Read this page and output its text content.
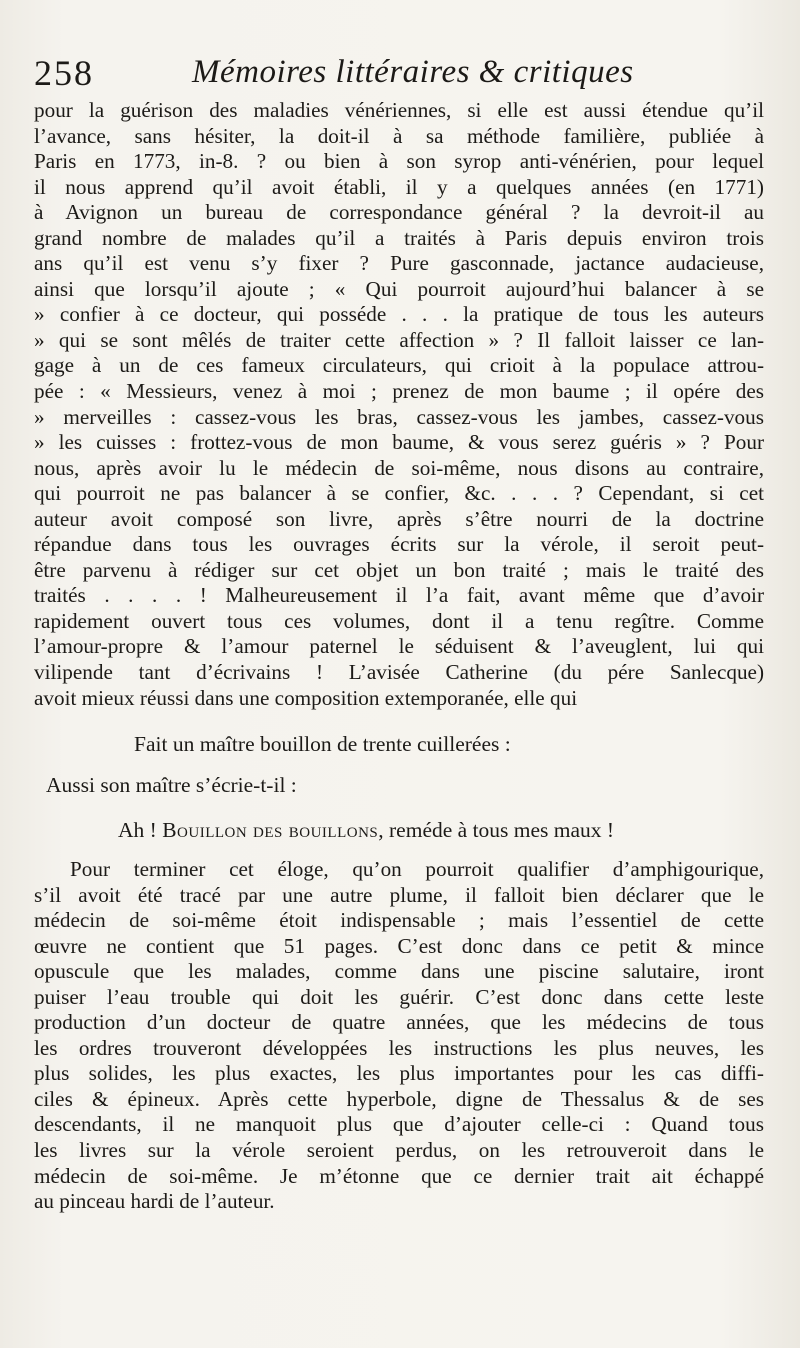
258	Mémoires littéraires & critiques
pour la guérison des maladies vénériennes, si elle est aussi étendue qu’il
l’avance, sans hésiter, la doit-il à sa méthode familière, publiée à
Paris en 1773, in-8. ? ou bien à son syrop anti-vénérien, pour lequel
il nous apprend qu’il avoit établi, il y a quelques années (en 1771)
à Avignon un bureau de correspondance général ? la devroit-il au
grand nombre de malades qu’il a traités à Paris depuis environ trois
ans qu’il est venu s’y fixer ? Pure gasconnade, jactance audacieuse,
ainsi que lorsqu’il ajoute ; « Qui pourroit aujourd’hui balancer à se
» confier à ce docteur, qui posséde . . . la pratique de tous les auteurs
» qui se sont mêlés de traiter cette affection » ? Il falloit laisser ce lan-
gage à un de ces fameux circulateurs, qui crioit à la populace attrou-
pée : « Messieurs, venez à moi ; prenez de mon baume ; il opére des
» merveilles : cassez-vous les bras, cassez-vous les jambes, cassez-vous
» les cuisses : frottez-vous de mon baume, & vous serez guéris » ? Pour
nous, après avoir lu le médecin de soi-même, nous disons au contraire,
qui pourroit ne pas balancer à se confier, &c. . . . ? Cependant, si cet
auteur avoit composé son livre, après s’être nourri de la doctrine
répandue dans tous les ouvrages écrits sur la vérole, il seroit peut-
être parvenu à rédiger sur cet objet un bon traité ; mais le traité des
traités . . . . ! Malheureusement il l’a fait, avant même que d’avoir
rapidement ouvert tous ces volumes, dont il a tenu regître. Comme
l’amour-propre & l’amour paternel le séduisent & l’aveuglent, lui qui
vilipende tant d’écrivains ! L’avisée Catherine (du pére Sanlecque)
avoit mieux réussi dans une composition extemporanée, elle qui
Fait un maître bouillon de trente cuillerées :
Aussi son maître s’écrie-t-il :
Ah ! Bouillon des bouillons, reméde à tous mes maux !
Pour terminer cet éloge, qu’on pourroit qualifier d’amphigourique,
s’il avoit été tracé par une autre plume, il falloit bien déclarer que le
médecin de soi-même étoit indispensable ; mais l’essentiel de cette
œuvre ne contient que 51 pages. C’est donc dans ce petit & mince
opuscule que les malades, comme dans une piscine salutaire, iront
puiser l’eau trouble qui doit les guérir. C’est donc dans cette leste
production d’un docteur de quatre années, que les médecins de tous
les ordres trouveront développées les instructions les plus neuves, les
plus solides, les plus exactes, les plus importantes pour les cas diffi-
ciles & épineux. Après cette hyperbole, digne de Thessalus & de ses
descendants, il ne manquoit plus que d’ajouter celle-ci : Quand tous
les livres sur la vérole seroient perdus, on les retrouveroit dans le
médecin de soi-même. Je m’étonne que ce dernier trait ait échappé
au pinceau hardi de l’auteur.
